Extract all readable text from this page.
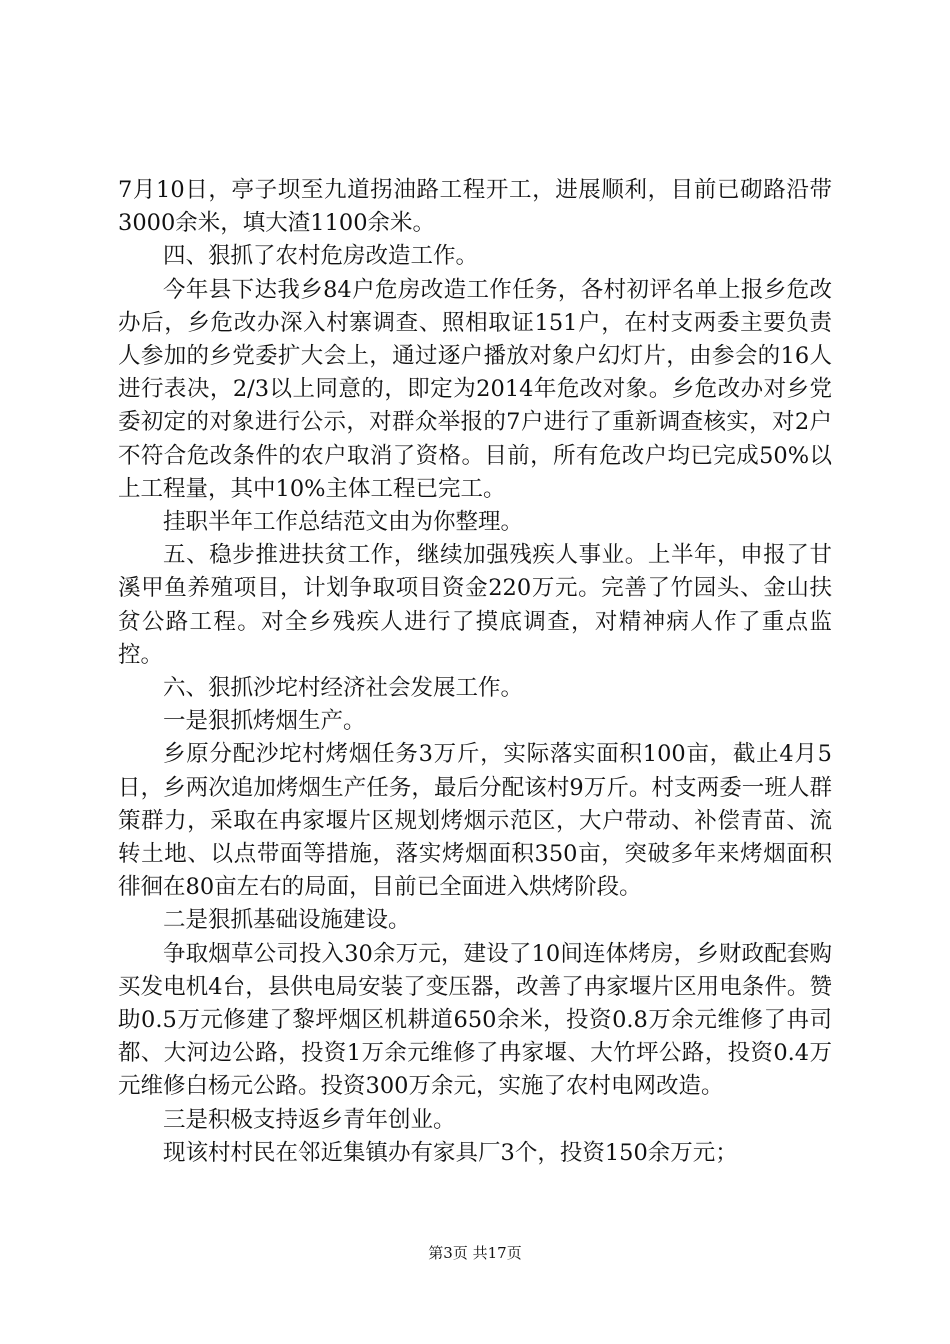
7月10日，亭子坝至九道拐油路工程开工，进展顺利，目前已砌路沿带3000余米，填大渣1100余米。

四、狠抓了农村危房改造工作。

今年县下达我乡84户危房改造工作任务，各村初评名单上报乡危改办后，乡危改办深入村寨调查、照相取证151户，在村支两委主要负责人参加的乡党委扩大会上，通过逐户播放对象户幻灯片，由参会的16人进行表决，2/3以上同意的，即定为2014年危改对象。乡危改办对乡党委初定的对象进行公示，对群众举报的7户进行了重新调查核实，对2户不符合危改条件的农户取消了资格。目前，所有危改户均已完成50%以上工程量，其中10%主体工程已完工。

挂职半年工作总结范文由为你整理。

五、稳步推进扶贫工作，继续加强残疾人事业。上半年，申报了甘溪甲鱼养殖项目，计划争取项目资金220万元。完善了竹园头、金山扶贫公路工程。对全乡残疾人进行了摸底调查，对精神病人作了重点监控。

六、狠抓沙坨村经济社会发展工作。

一是狠抓烤烟生产。

乡原分配沙坨村烤烟任务3万斤，实际落实面积100亩，截止4月5日，乡两次追加烤烟生产任务，最后分配该村9万斤。村支两委一班人群策群力，采取在冉家堰片区规划烤烟示范区，大户带动、补偿青苗、流转土地、以点带面等措施，落实烤烟面积350亩，突破多年来烤烟面积徘徊在80亩左右的局面，目前已全面进入烘烤阶段。

二是狠抓基础设施建设。

争取烟草公司投入30余万元，建设了10间连体烤房，乡财政配套购买发电机4台，县供电局安装了变压器，改善了冉家堰片区用电条件。赞助0.5万元修建了黎坪烟区机耕道650余米，投资0.8万余元维修了冉司都、大河边公路，投资1万余元维修了冉家堰、大竹坪公路，投资0.4万元维修白杨元公路。投资300万余元，实施了农村电网改造。

三是积极支持返乡青年创业。

现该村村民在邻近集镇办有家具厂3个，投资150余万元；

第3页 共17页
